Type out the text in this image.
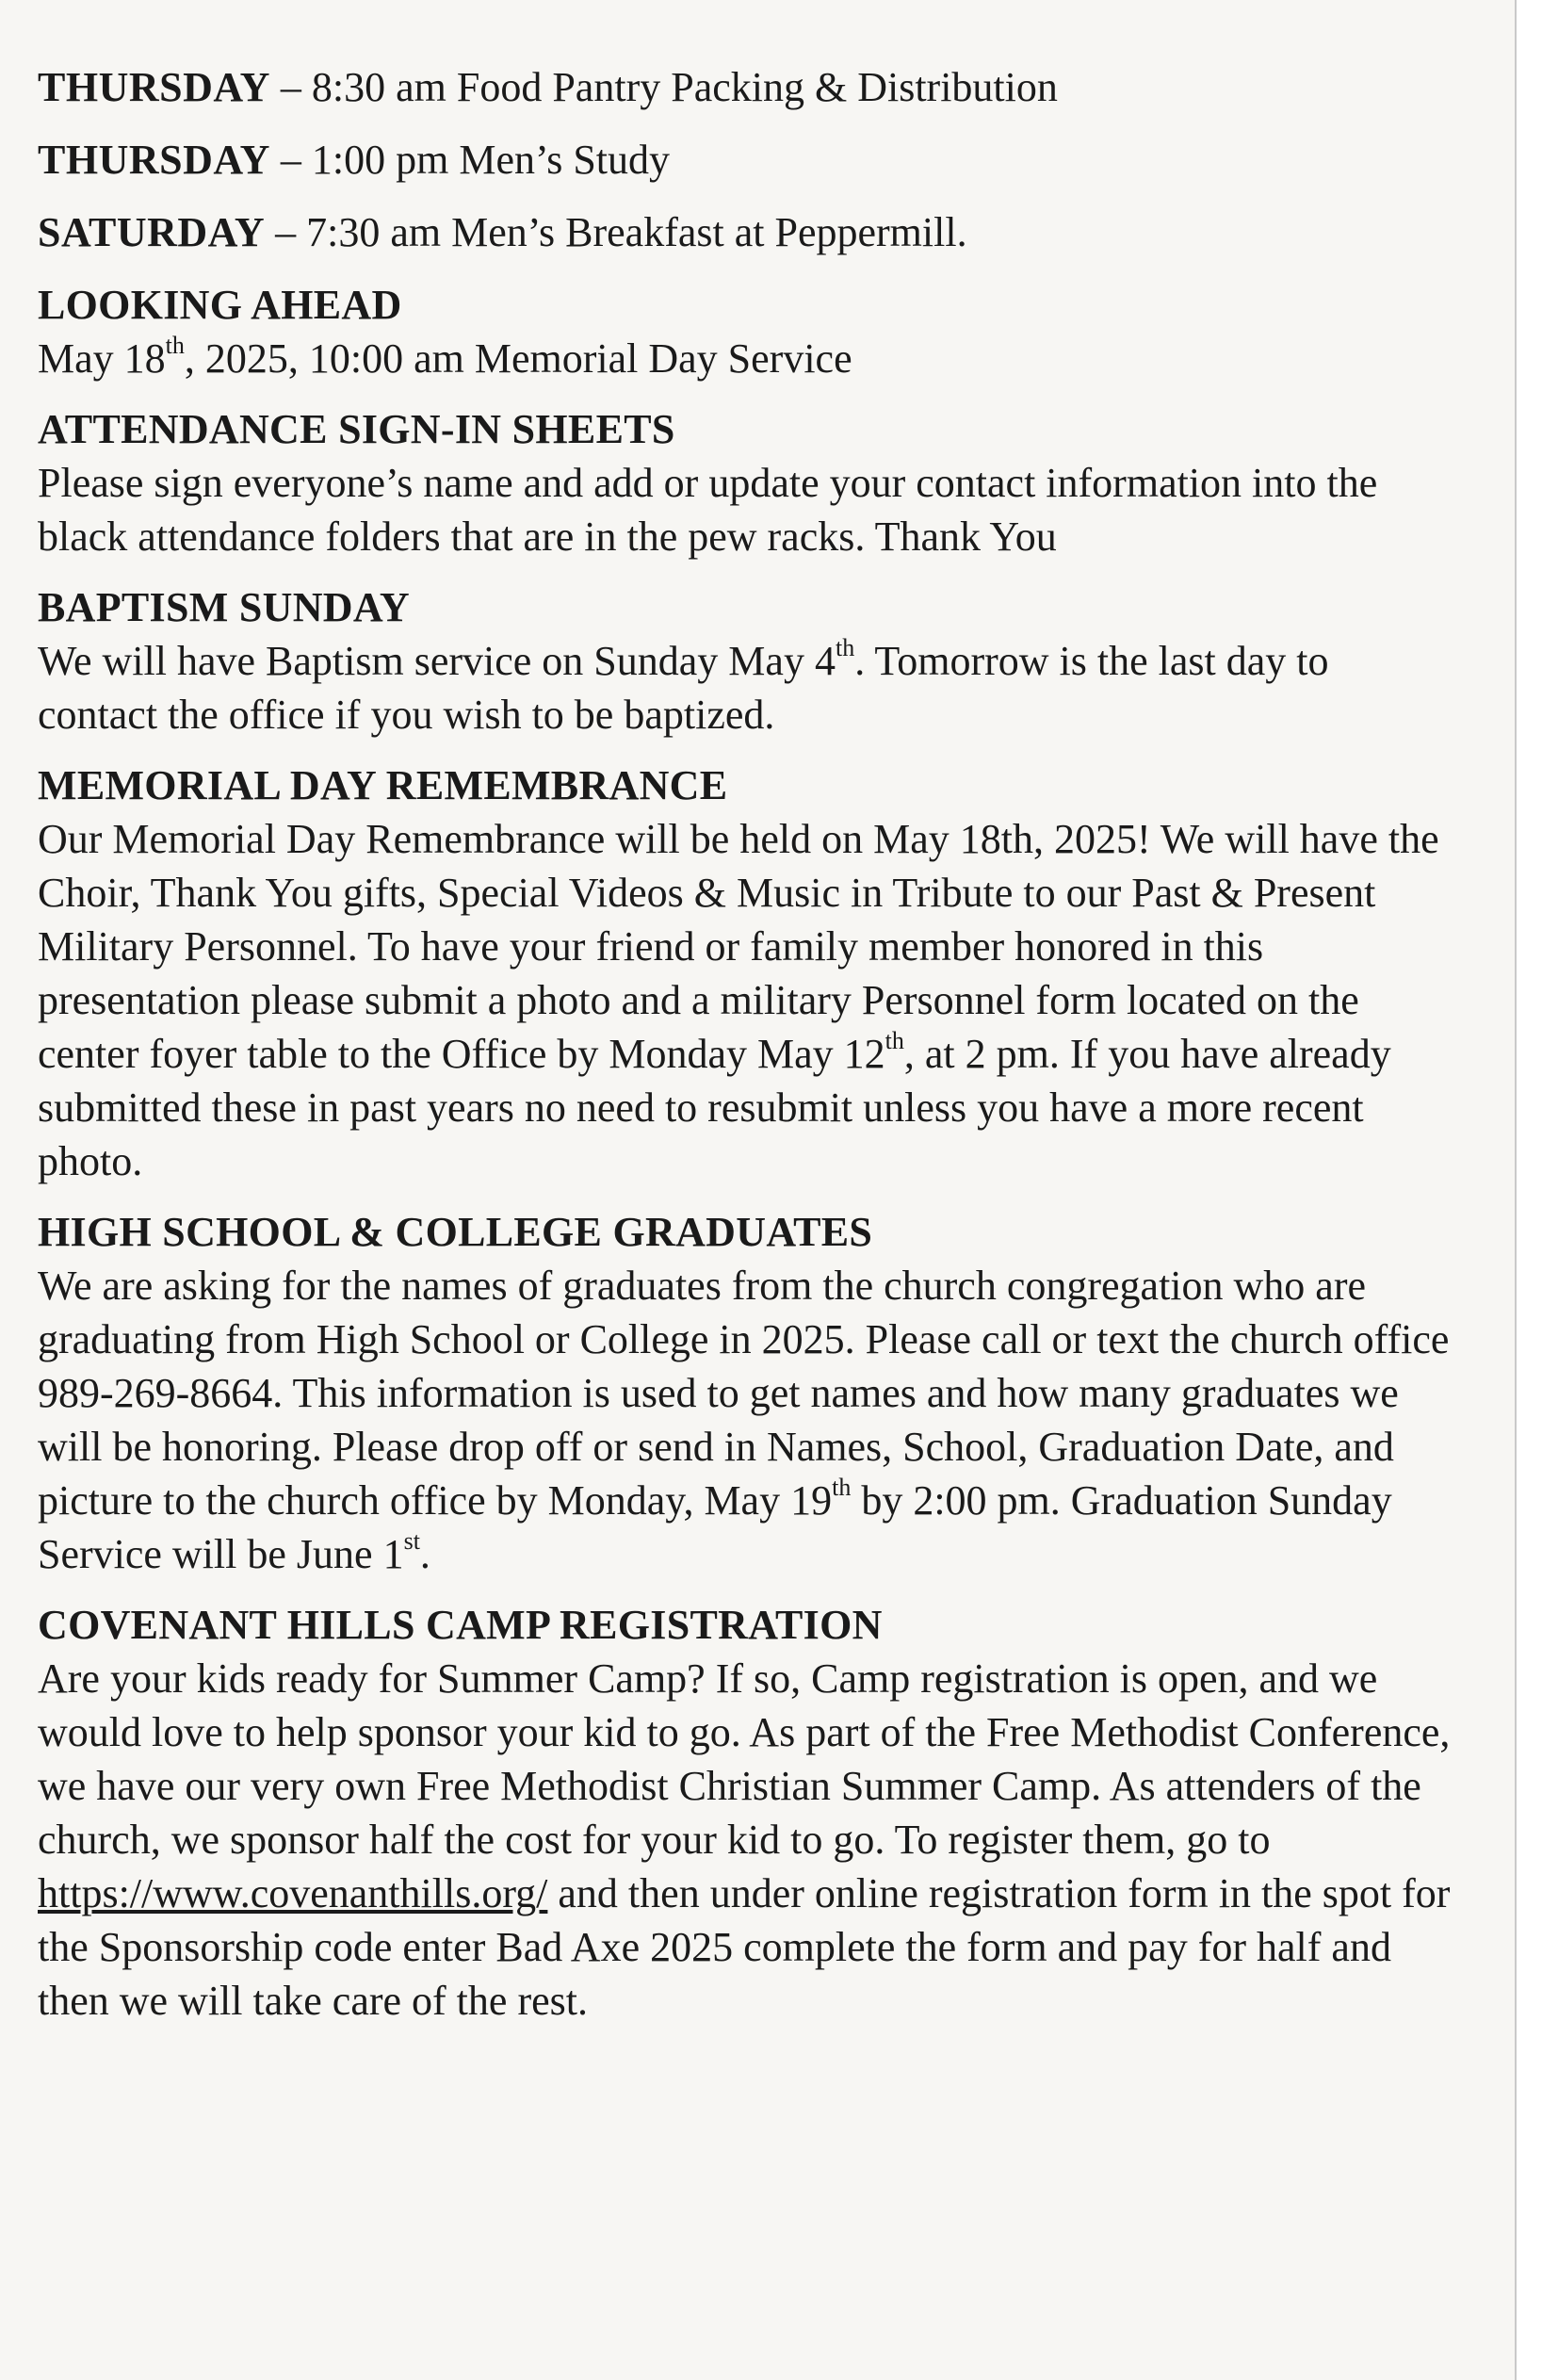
THURSDAY – 8:30 am Food Pantry Packing & Distribution

THURSDAY – 1:00 pm Men’s Study

SATURDAY – 7:30 am Men’s Breakfast at Peppermill.

LOOKING AHEAD

May 18th, 2025, 10:00 am Memorial Day Service

ATTENDANCE SIGN-IN SHEETS

Please sign everyone’s name and add or update your contact information into the black attendance folders that are in the pew racks. Thank You

BAPTISM SUNDAY

We will have Baptism service on Sunday May 4th. Tomorrow is the last day to contact the office if you wish to be baptized.

MEMORIAL DAY REMEMBRANCE

Our Memorial Day Remembrance will be held on May 18th, 2025! We will have the Choir, Thank You gifts, Special Videos & Music in Tribute to our Past & Present Military Personnel. To have your friend or family member honored in this presentation please submit a photo and a military Personnel form located on the center foyer table to the Office by Monday May 12th, at 2 pm. If you have already submitted these in past years no need to resubmit unless you have a more recent photo.

HIGH SCHOOL & COLLEGE GRADUATES

We are asking for the names of graduates from the church congregation who are graduating from High School or College in 2025. Please call or text the church office 989-269-8664. This information is used to get names and how many graduates we will be honoring. Please drop off or send in Names, School, Graduation Date, and picture to the church office by Monday, May 19th by 2:00 pm. Graduation Sunday Service will be June 1st.

COVENANT HILLS CAMP REGISTRATION

Are your kids ready for Summer Camp? If so, Camp registration is open, and we would love to help sponsor your kid to go. As part of the Free Methodist Conference, we have our very own Free Methodist Christian Summer Camp. As attenders of the church, we sponsor half the cost for your kid to go. To register them, go to https://www.covenanthills.org/ and then under online registration form in the spot for the Sponsorship code enter Bad Axe 2025 complete the form and pay for half and then we will take care of the rest.
